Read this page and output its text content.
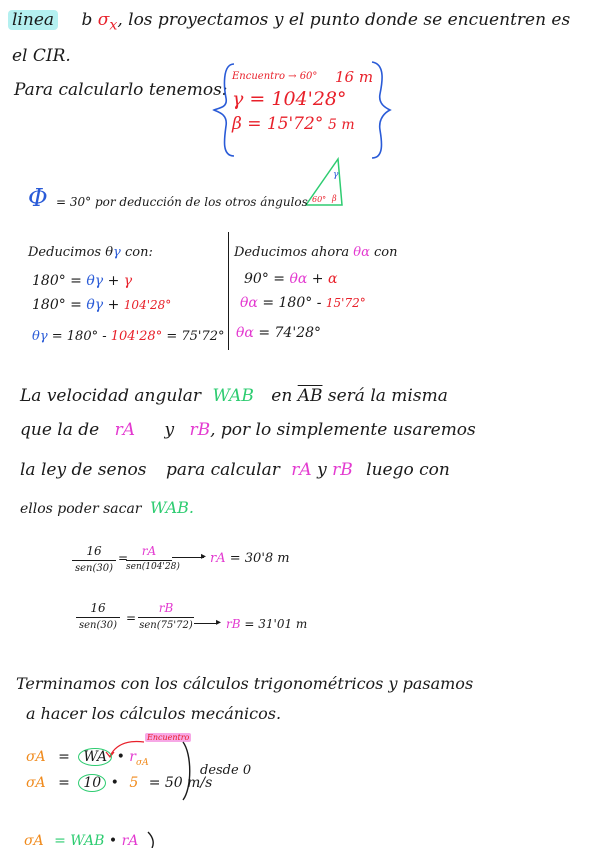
linea b $\sigma_x$, los proyectamos y el punto donde se encuentren es
el CIR.
Para calcularlo tenemos:
Encuentro → 60° 16 m
γ = 104'28°
β = 15'72° 5 m
γ
60° β
Φ = 30° por deducción de los otros ángulos
Deducimos θγ con:
180° = θγ + γ
180° = θγ + 104'28°
θγ = 180° - 104'28° = 75'72°
Deducimos ahora θα con
90° = θα + α
θα = 180° - 15'72°
θα = 74'28°
La velocidad angular WAB en $\overline{AB}$ será la misma
que la de rA y rB, por lo simplemente usaremos
la ley de senos para calcular rA y rB luego con
ellos poder sacar WAB.
16
sen(30)
=	rA
sen(104'28)
▸ rA = 30'8 m
16
sen(30)
=
rB
sen(75'72) ▸ rB = 31'01 m
Terminamos con los cálculos trigonométricos y pasamos
a hacer los cálculos mecánicos.
Encuentro
σA = WA • $r_{\sigma A}$
σA = 10 • 5 = 50 m/s
desde 0
σA = WAB • rA
